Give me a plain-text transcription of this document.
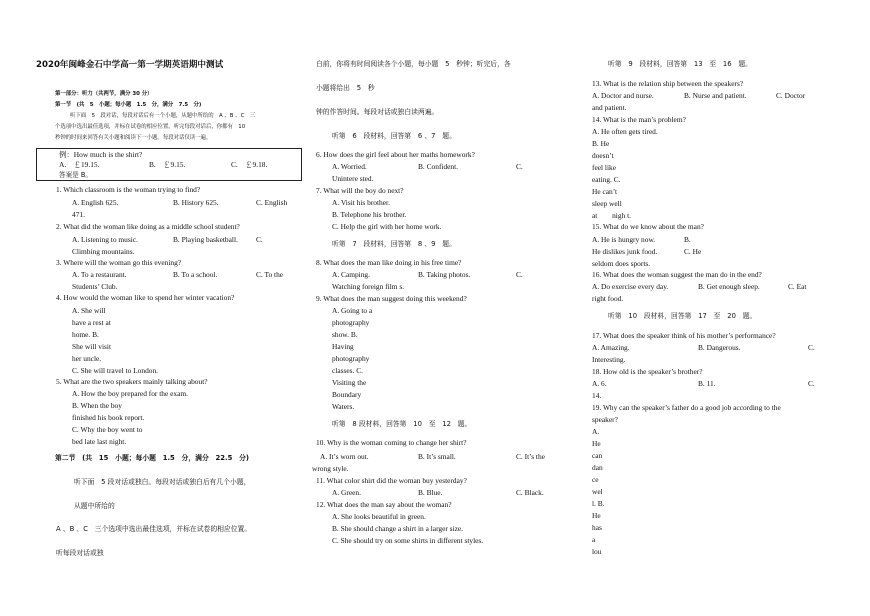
2020年闽峰金石中学高一第一学期英语期中测试
第一部分：听力（共两节，满分 30 分）
第一节　(共　5　小题；每小题　1.5　分，满分　7.5　分)
听下面　5　段对话，每段对话后有一个小题，从题中所给的　A 、B 、C　三
个选项中选出最佳选项，并标在试卷的相应位置。听完每段对话后，你都有　10
秒钟的时间来回答有关小题和阅读下一小题。每段对话仅读一遍。
例：How much is the shirt?
A.　￡19.15.	B.　￡9.15.	C.　￡9.18.
答案是 B。
1. Which classroom is the woman trying to find?
A. English 625.	B. History 625.	C. English
471.
2. What did the woman like doing as a middle school student?
A. Listening to music.	B. Playing basketball. C.
Climbing mountains.
3. Where will the woman go this evening?
A. To a restaurant.	B. To a school.	C. To the
Students’ Club.
4. How would the woman like to spend her winter vacation?
A. She will
have a rest at
home. B.
She will visit
her uncle.
C. She will travel to London.
5. What are the two speakers mainly talking about?
A. How the boy prepared for the exam.
B. When the boy
finished his book report.
C. Why the boy went to
bed late last night.
第二节　(共　15　小题；每小题　1.5　分，满分　22.5　分)
听下面　5 段对话或独白。每段对话或独白后有几个小题，
从题中所给的
A 、B 、C　三个选项中选出最佳选项，并标在试卷的相应位置。
听每段对话或独
白前，你将有时间阅读各个小题，每小题　5　秒钟；听完后，各
小题将给出　5　秒
钟的作答时间。每段对话或独白读两遍。
听第　6　段材料，回答第　6 、7　题。
6. How does the girl feel about her maths homework?
A. Worried.	B. Confident.	C.
Unintere sted.
7. What will the boy do next?
A. Visit his brother.
B. Telephone his brother.
C. Help the girl with her home work.
听第　7　段材料，回答第　8 、9　题。
8. What does the man like doing in his free time?
A. Camping.	B. Taking photos.	C.
Watching foreign film s.
9. What does the man suggest doing this weekend?
A. Going to a
photography
show. B.
Having
photography
classes. C.
Visiting the
Boundary
Waters.
听第　8 段材料，回答第　10　至　12　题。
10. Why is the woman coming to change her shirt?
A. It’s worn out.	B. It’s small.	C. It’s the
wrong style.
11. What color shirt did the woman buy yesterday?
A. Green.	B. Blue.	C. Black.
12. What does the man say about the woman?
A. She looks beautiful in green.
B. She should change a shirt in a larger size.
C. She should try on some shirts in different styles.
听第　9　段材料，回答第　13　至　16　题。
13. What is the relation ship between the speakers?
A. Doctor and nurse.	B. Nurse and patient.	C. Doctor
and patient.
14. What is the man’s problem?
A. He often gets tired.
B. He
doesn’t
feel like
eating. C.
He can’t
sleep well
at　　nigh t.
15. What do we know about the man?
A. He is hungry now.	B.
He dislikes junk food.	C. He
seldom does sports.
16. What does the woman suggest the man do in the end?
A. Do exercise every day.	B. Get enough sleep.	C. Eat
right food.
听第　10　段材料，回答第　17　至　20　题。
17. What does the speaker think of his mother’s performance?
A. Amazing.	B. Dangerous.	C.
Interesting.
18. How old is the speaker’s brother?
A. 6.	B. 11.	C.
14.
19. Why can the speaker’s father do a good job according to the
speaker?
A.
He
can
dan
ce
wel
l. B.
He
has
a
lou
